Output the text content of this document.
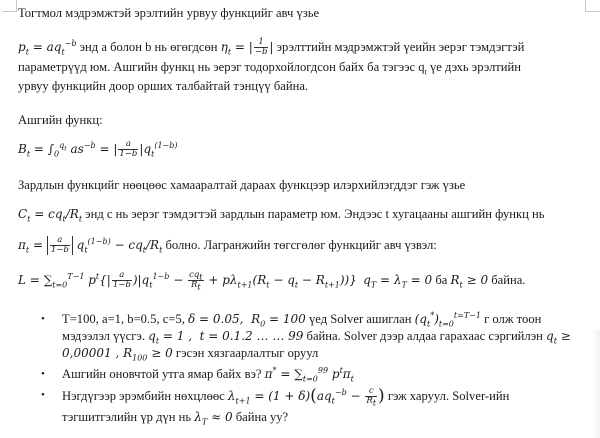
Тогтмол мэдрэмжтэй эрэлтийн урвуу функцийг авч үзье
$p_t = aq_t^{-b}$ энд a болон b нь өгөгдсөн $\eta_t$ = | $\frac{1}{-b}$ | эрэлттийн мэдрэмжтэй үеийн эерэг тэмдэгтэй
параметрүүд юм. Ашгийн функц нь эерэг тодорхойлогдсон байх ба тэгээс $q_t$ үе дэхь эрэлтийн
урвуу функцийн доор орших талбайтай тэнцүү байна.
Ашгийн функц:
$B_t = \int_0^{q_t}$ $as^{-b}$ = | $\frac{a}{1-b} |q_t^{(1-b)}$
Зардлын функцийг нөөцөөс хамааралтай дараах функцээр илэрхийлэгддэг гэж үзье
$C_t = cq_t/R_t$ энд c нь эерэг тэмдэгтэй зардлын параметр юм. Эндээс t хугацааны ашгийн функц нь
$\pi_t = \frac{a}{1-b} q_t^{(1-b)} - cq_t/R_t$ болно. Лагранжийн төгсгөлөг функцийг авч үзвэл:
$L = \sum_{t=0}^{T-1}$ $p^t\{| \frac{a}{1-b} )|q_t^{1-b} - \frac{cq_t}{R_t} + p\lambda_{t+1}(R_t - q_t - R_{t+1}))\} q_T = \lambda_T = 0$ ба $R_t \ge 0$ байна.
• T=100, a=1, b=0.5, c=5, δ = 0.05,  $R_0 = 100$ үед Solver ашиглан $(q_t^*)_{t=0}^{t=T-1}$ г олж тоон
мэдээлэл үүсгэ. $q_t = 1$ ,  t = 0.1.2 … … 99 байна. Solver дээр алдаа гарахаас сэргийлэн $q_t$ ≥
0,00001 , $R_{100} \ge 0$ гэсэн хязгаарлалтыг оруул
• Ашгийн оновчтой утга ямар байх вэ? $\pi^* = \sum_{t=0}^{99}$ $p^t\pi_t$
• Нэгдүгээр эрэмбийн нөхцлөөс $\lambda_{t+1} = (1 + \delta)(aq_t^{-b} - \frac{c}{R_t}$ ) гэж харуул. Solver-ийн
тэгшитгэлийн үр дүн нь $\lambda_T \approx 0$ байна уу?
